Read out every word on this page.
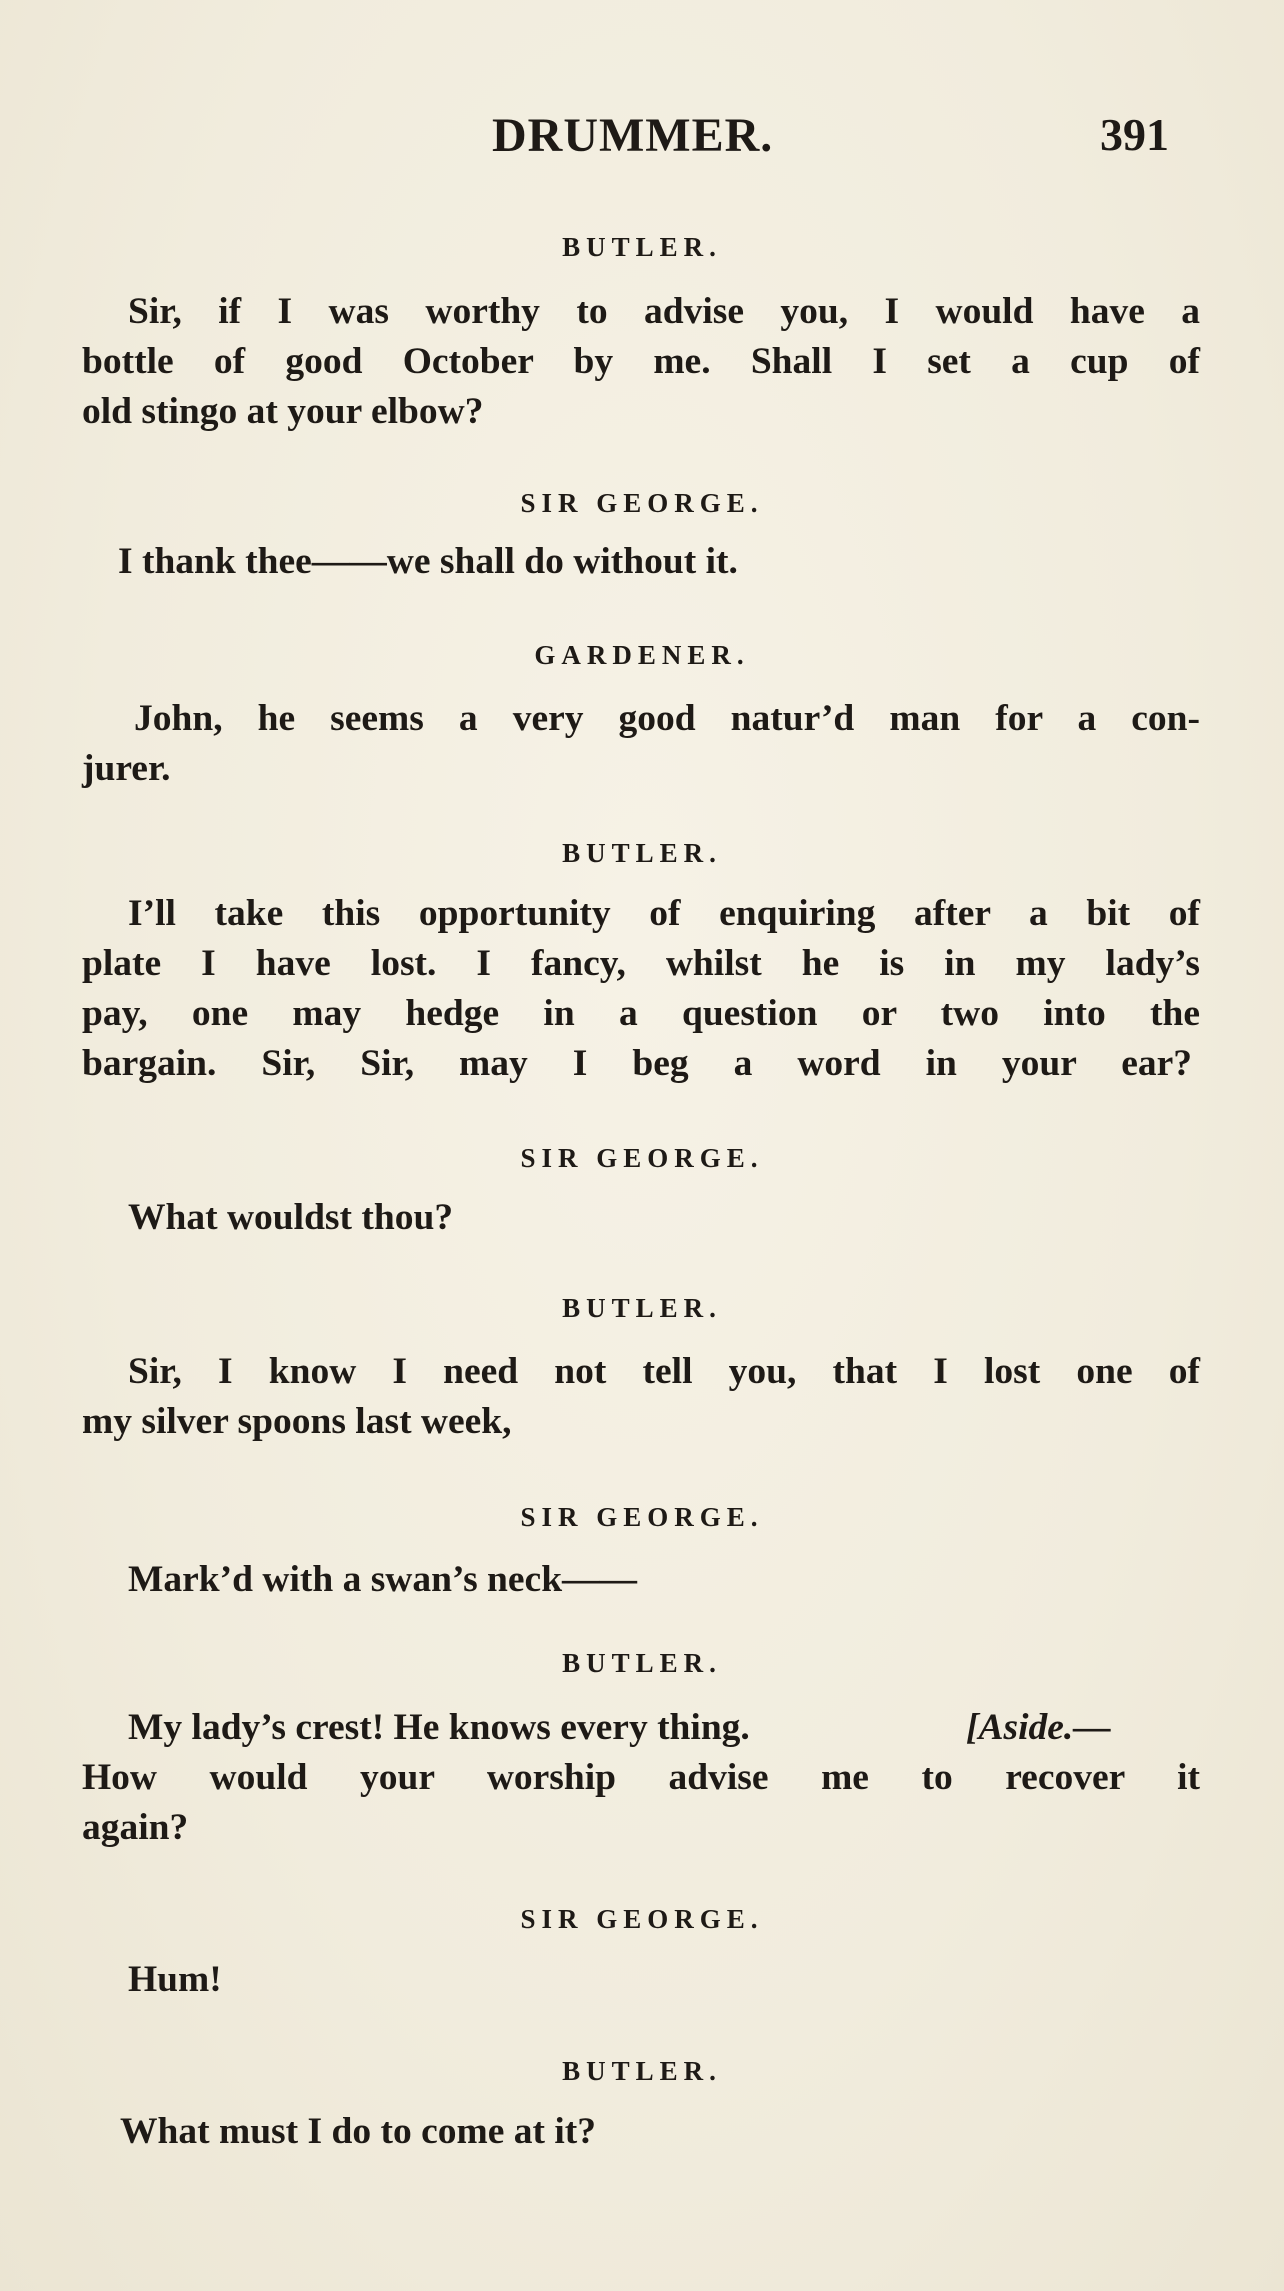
DRUMMER.	391
BUTLER.
Sir, if I was worthy to advise you, I would have a
bottle of good October by me. Shall I set a cup of
old stingo at your elbow?
SIR GEORGE.
I thank thee——we shall do without it.
GARDENER.
John, he seems a very good natur’d man for a con-
jurer.
BUTLER.
I’ll take this opportunity of enquiring after a bit of
plate I have lost. I fancy, whilst he is in my lady’s
pay, one may hedge in a question or two into the
bargain. Sir, Sir, may I beg a word in your ear?
SIR GEORGE.
What wouldst thou?
BUTLER.
Sir, I know I need not tell you, that I lost one of
my silver spoons last week,
SIR GEORGE.
Mark’d with a swan’s neck——
BUTLER.
My lady’s crest! He knows every thing.	[Aside.—
How would your worship advise me to recover it
again?
SIR GEORGE.
Hum!
BUTLER.
What must I do to come at it?
